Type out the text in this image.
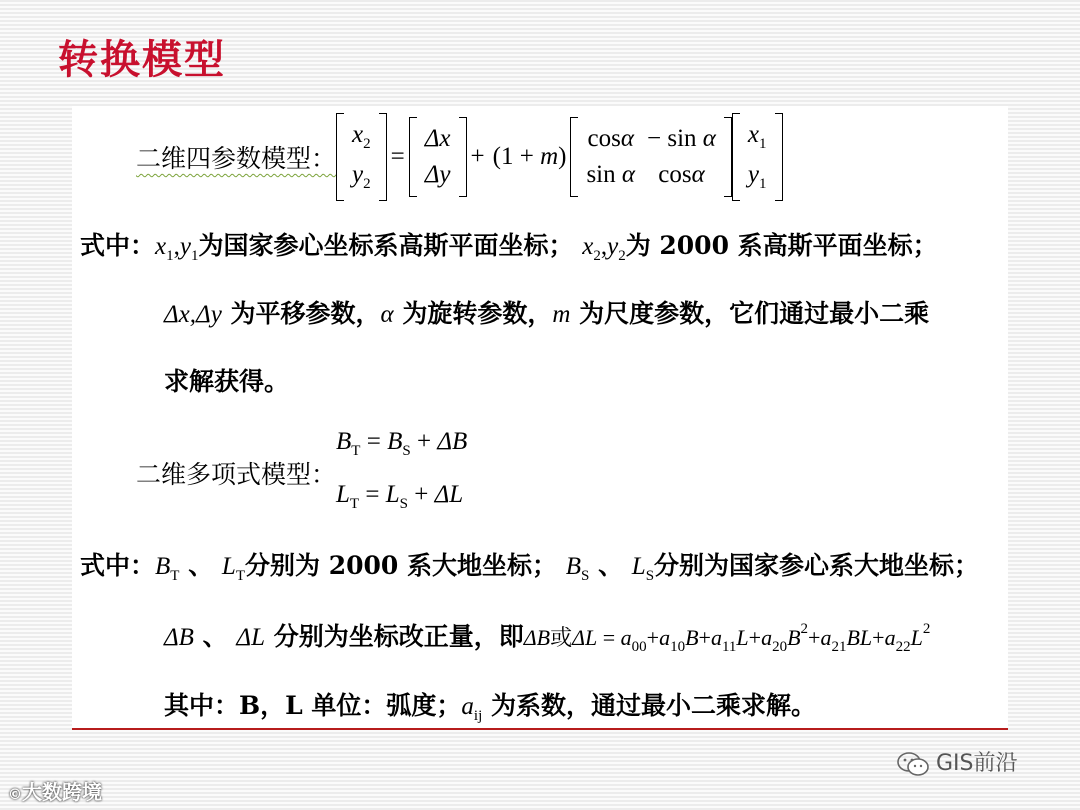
转换模型
二维四参数模型：
$x_2$
$y_2$
=
Δx
Δy
+ (1 + m)
cosα	− sin α
sin α	cosα
$x_1$
$y_1$
式中：$x_1,y_1$为国家参心坐标系高斯平面坐标； $x_2,y_2$为 2000 系高斯平面坐标；
Δx,Δy 为平移参数，α 为旋转参数，m 为尺度参数，它们通过最小二乘
求解获得。
二维多项式模型：
$B_T = B_S + \Delta B$
$L_T = L_S + \Delta L$
式中：$B_T$ 、 $L_T$分别为 2000 系大地坐标； $B_S$ 、 $L_S$分别为国家参心系大地坐标；
ΔB 、 ΔL 分别为坐标改正量，即ΔB或$\Delta L = a_{00}+a_{10}B+a_{11}L+a_{20}B^2+a_{21}BL+a_{22}L^2$
其中：B，L 单位：弧度；$a_{ij}$ 为系数，通过最小二乘求解。
GIS前沿
©大数跨境
